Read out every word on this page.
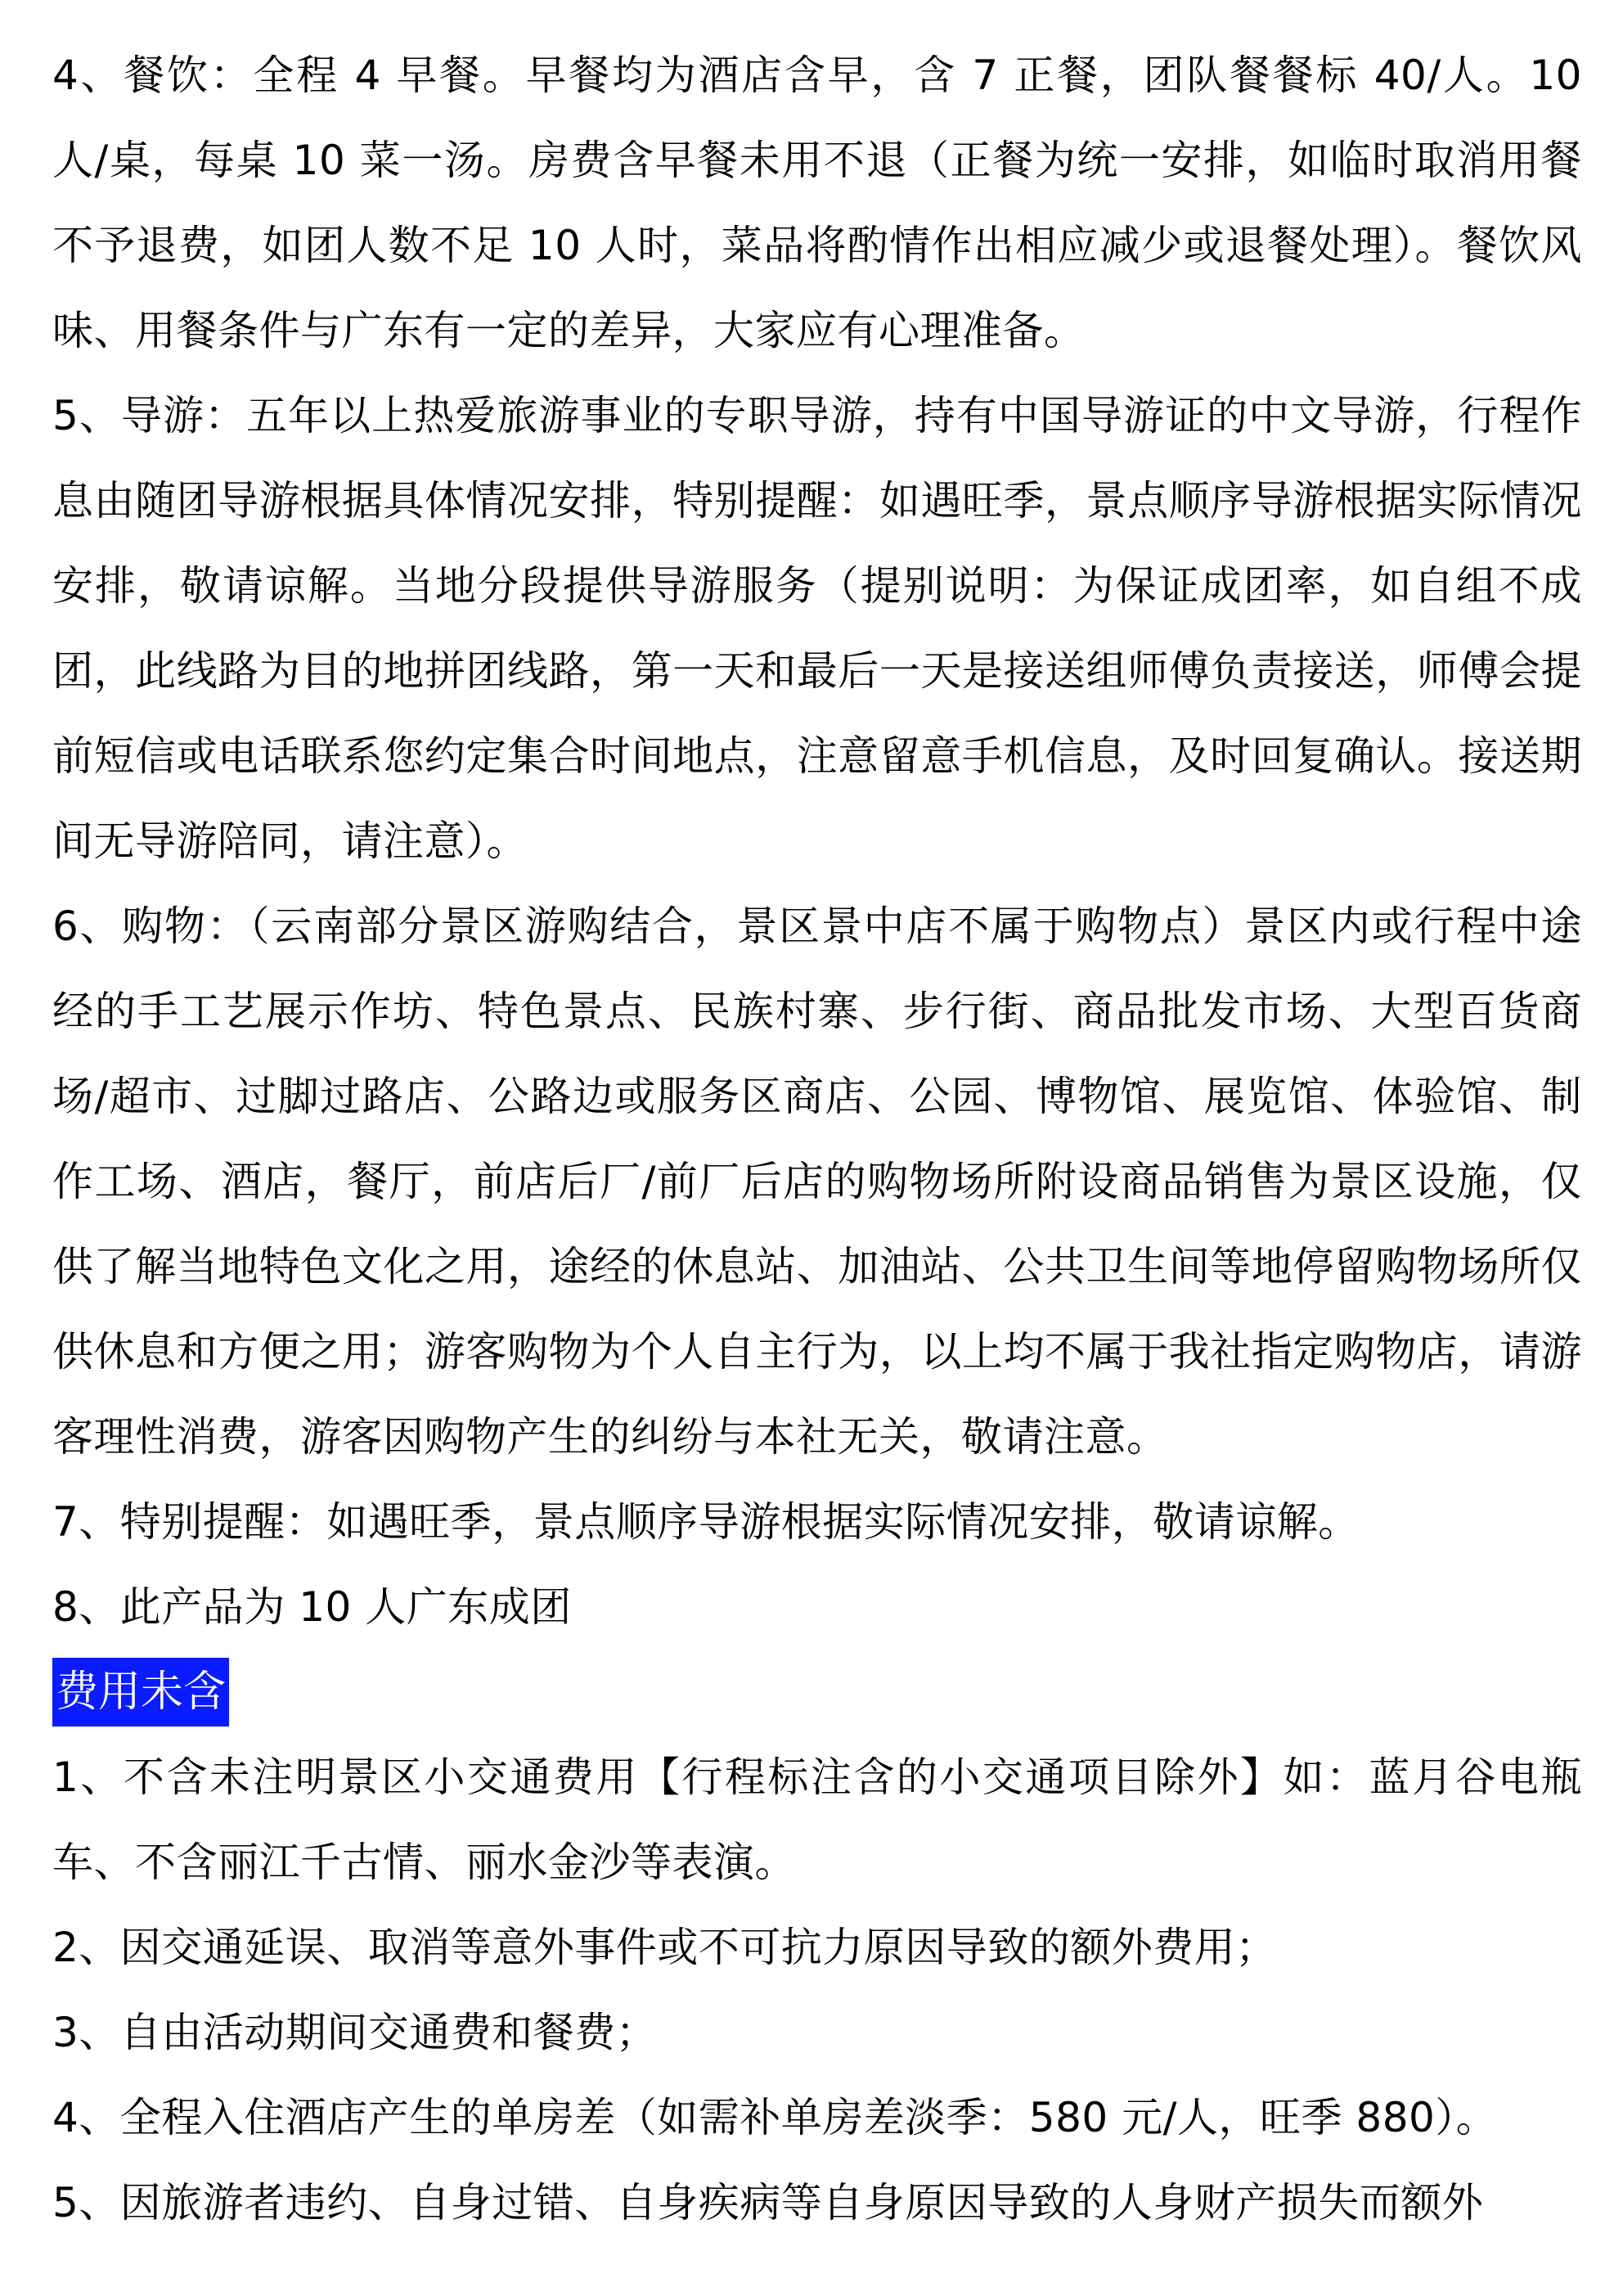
4、餐饮：全程 4 早餐。早餐均为酒店含早，含 7 正餐，团队餐餐标 40/人。10 人/桌，每桌 10 菜一汤。房费含早餐未用不退（正餐为统一安排，如临时取消用餐不予退费，如团人数不足 10 人时，菜品将酌情作出相应减少或退餐处理）。餐饮风味、用餐条件与广东有一定的差异，大家应有心理准备。

5、导游：五年以上热爱旅游事业的专职导游，持有中国导游证的中文导游，行程作息由随团导游根据具体情况安排，特别提醒：如遇旺季，景点顺序导游根据实际情况安排，敬请谅解。当地分段提供导游服务（提别说明：为保证成团率，如自组不成团，此线路为目的地拼团线路，第一天和最后一天是接送组师傅负责接送，师傅会提前短信或电话联系您约定集合时间地点，注意留意手机信息，及时回复确认。接送期间无导游陪同，请注意）。

6、购物：（云南部分景区游购结合，景区景中店不属于购物点）景区内或行程中途经的手工艺展示作坊、特色景点、民族村寨、步行街、商品批发市场、大型百货商场/超市、过脚过路店、公路边或服务区商店、公园、博物馆、展览馆、体验馆、制作工场、酒店，餐厅，前店后厂/前厂后店的购物场所附设商品销售为景区设施，仅供了解当地特色文化之用，途经的休息站、加油站、公共卫生间等地停留购物场所仅供休息和方便之用；游客购物为个人自主行为，以上均不属于我社指定购物店，请游客理性消费，游客因购物产生的纠纷与本社无关，敬请注意。

7、特别提醒：如遇旺季，景点顺序导游根据实际情况安排，敬请谅解。

8、此产品为 10 人广东成团

费用未含

1、不含未注明景区小交通费用【行程标注含的小交通项目除外】如：蓝月谷电瓶车、不含丽江千古情、丽水金沙等表演。

2、因交通延误、取消等意外事件或不可抗力原因导致的额外费用；

3、自由活动期间交通费和餐费；

4、全程入住酒店产生的单房差（如需补单房差淡季：580 元/人，旺季 880）。

5、因旅游者违约、自身过错、自身疾病等自身原因导致的人身财产损失而额外
